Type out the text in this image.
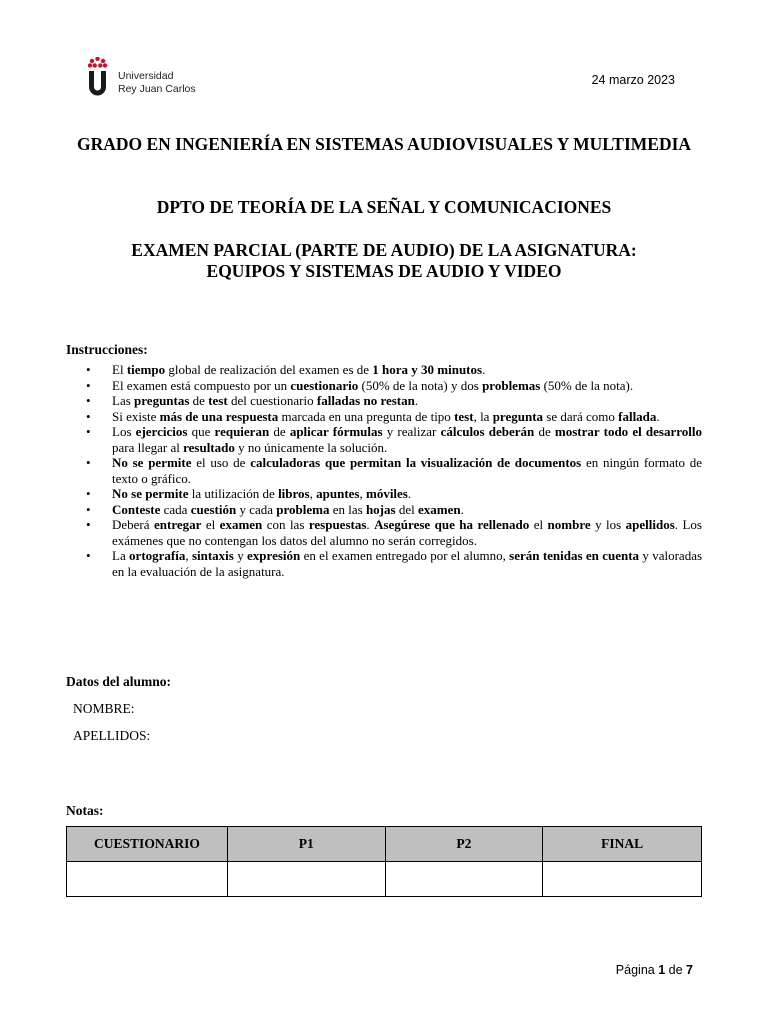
Universidad
Rey Juan Carlos
24 marzo 2023
GRADO EN INGENIERÍA EN SISTEMAS AUDIOVISUALES Y MULTIMEDIA
DPTO DE TEORÍA DE LA SEÑAL Y COMUNICACIONES
EXAMEN PARCIAL (PARTE DE AUDIO) DE LA ASIGNATURA:
EQUIPOS Y SISTEMAS DE AUDIO Y VIDEO
Instrucciones:
• El tiempo global de realización del examen es de 1 hora y 30 minutos.
• El examen está compuesto por un cuestionario (50% de la nota) y dos problemas (50% de la nota).
• Las preguntas de test del cuestionario falladas no restan.
• Si existe más de una respuesta marcada en una pregunta de tipo test, la pregunta se dará como fallada.
• Los ejercicios que requieran de aplicar fórmulas y realizar cálculos deberán de mostrar todo el desarrollo para llegar al resultado y no únicamente la solución.
• No se permite el uso de calculadoras que permitan la visualización de documentos en ningún formato de texto o gráfico.
• No se permite la utilización de libros, apuntes, móviles.
• Conteste cada cuestión y cada problema en las hojas del examen.
• Deberá entregar el examen con las respuestas. Asegúrese que ha rellenado el nombre y los apellidos. Los exámenes que no contengan los datos del alumno no serán corregidos.
• La ortografía, sintaxis y expresión en el examen entregado por el alumno, serán tenidas en cuenta y valoradas en la evaluación de la asignatura.
Datos del alumno:
NOMBRE:
APELLIDOS:
Notas:
CUESTIONARIO	P1	P2	FINAL

Página 1 de 7
